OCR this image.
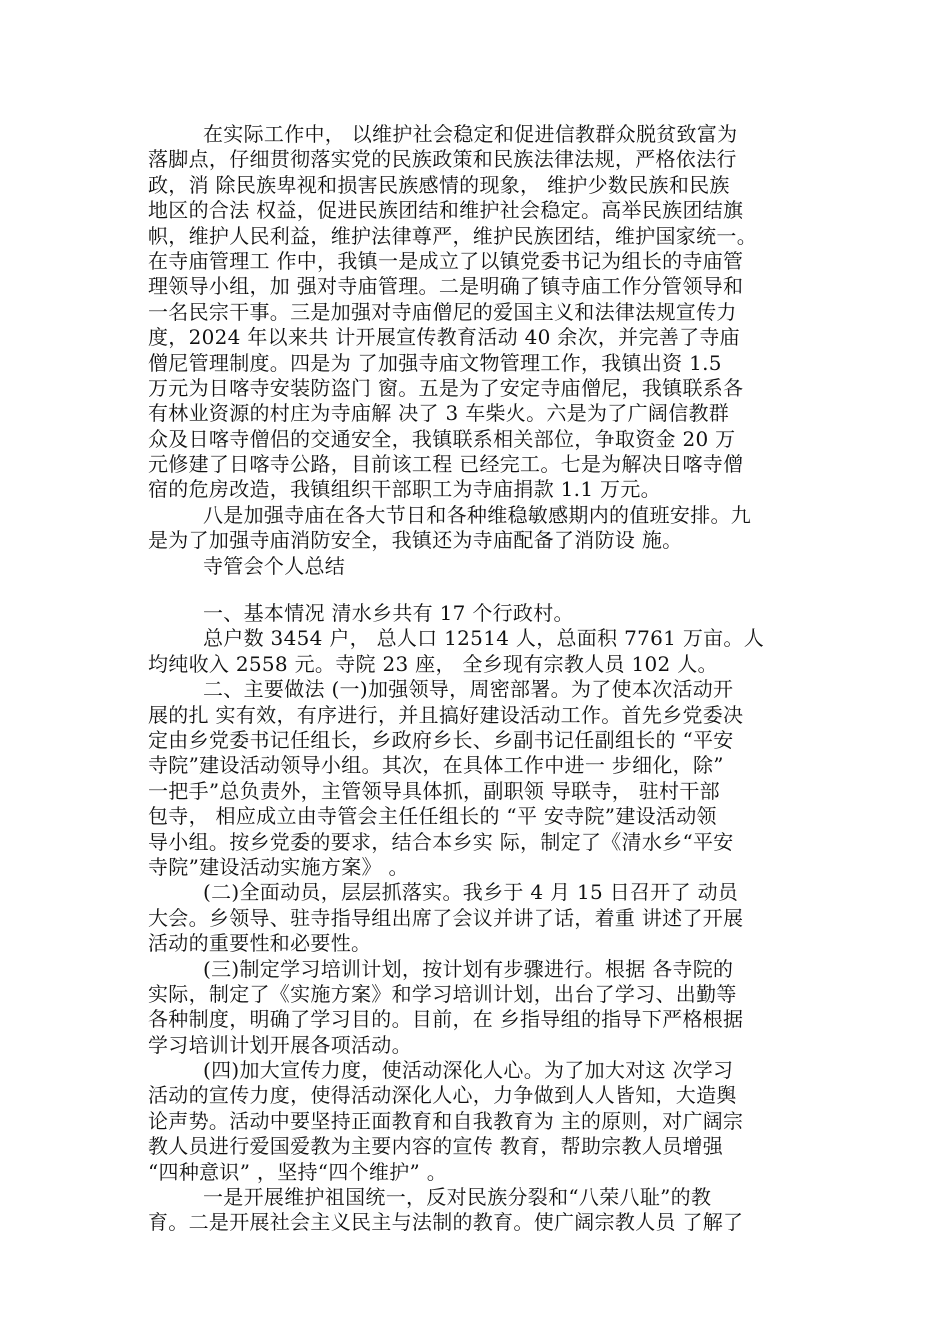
在实际工作中， 以维护社会稳定和促进信教群众脱贫致富为
落脚点，仔细贯彻落实党的民族政策和民族法律法规，严格依法行
政，消 除民族卑视和损害民族感情的现象， 维护少数民族和民族
地区的合法 权益，促进民族团结和维护社会稳定。高举民族团结旗
帜，维护人民利益，维护法律尊严，维护民族团结，维护国家统一。
在寺庙管理工 作中，我镇一是成立了以镇党委书记为组长的寺庙管
理领导小组，加 强对寺庙管理。二是明确了镇寺庙工作分管领导和
一名民宗干事。三是加强对寺庙僧尼的爱国主义和法律法规宣传力
度，2024 年以来共 计开展宣传教育活动 40 余次，并完善了寺庙
僧尼管理制度。四是为 了加强寺庙文物管理工作，我镇出资 1.5
万元为日喀寺安装防盗门 窗。五是为了安定寺庙僧尼，我镇联系各
有林业资源的村庄为寺庙解 决了 3 车柴火。六是为了广阔信教群
众及日喀寺僧侣的交通安全，我镇联系相关部位，争取资金 20 万
元修建了日喀寺公路，目前该工程 已经完工。七是为解决日喀寺僧
宿的危房改造，我镇组织干部职工为寺庙捐款 1.1 万元。
八是加强寺庙在各大节日和各种维稳敏感期内的值班安排。九
是为了加强寺庙消防安全，我镇还为寺庙配备了消防设 施。
寺管会个人总结
一、基本情况 清水乡共有 17 个行政村。
总户数 3454 户， 总人口 12514 人，总面积 7761 万亩。人
均纯收入 2558 元。寺院 23 座， 全乡现有宗教人员 102 人。
二、主要做法 (一)加强领导，周密部署。为了使本次活动开
展的扎 实有效，有序进行，并且搞好建设活动工作。首先乡党委决
定由乡党委书记任组长，乡政府乡长、乡副书记任副组长的 “平安
寺院”建设活动领导小组。其次，在具体工作中进一 步细化，除”
一把手”总负责外，主管领导具体抓，副职领 导联寺， 驻村干部
包寺， 相应成立由寺管会主任任组长的 “平 安寺院”建设活动领
导小组。按乡党委的要求，结合本乡实 际，制定了《清水乡“平安
寺院”建设活动实施方案》 。
(二)全面动员，层层抓落实。我乡于 4 月 15 日召开了 动员
大会。乡领导、驻寺指导组出席了会议并讲了话，着重 讲述了开展
活动的重要性和必要性。
(三)制定学习培训计划，按计划有步骤进行。根据 各寺院的
实际，制定了《实施方案》和学习培训计划，出台了学习、出勤等
各种制度，明确了学习目的。目前，在 乡指导组的指导下严格根据
学习培训计划开展各项活动。
(四)加大宣传力度，使活动深化人心。为了加大对这 次学习
活动的宣传力度，使得活动深化人心，力争做到人人皆知，大造舆
论声势。活动中要坚持正面教育和自我教育为 主的原则，对广阔宗
教人员进行爱国爱教为主要内容的宣传 教育，帮助宗教人员增强
“四种意识” ，坚持“四个维护” 。
一是开展维护祖国统一，反对民族分裂和“八荣八耻”的教
育。二是开展社会主义民主与法制的教育。使广阔宗教人员 了解了
